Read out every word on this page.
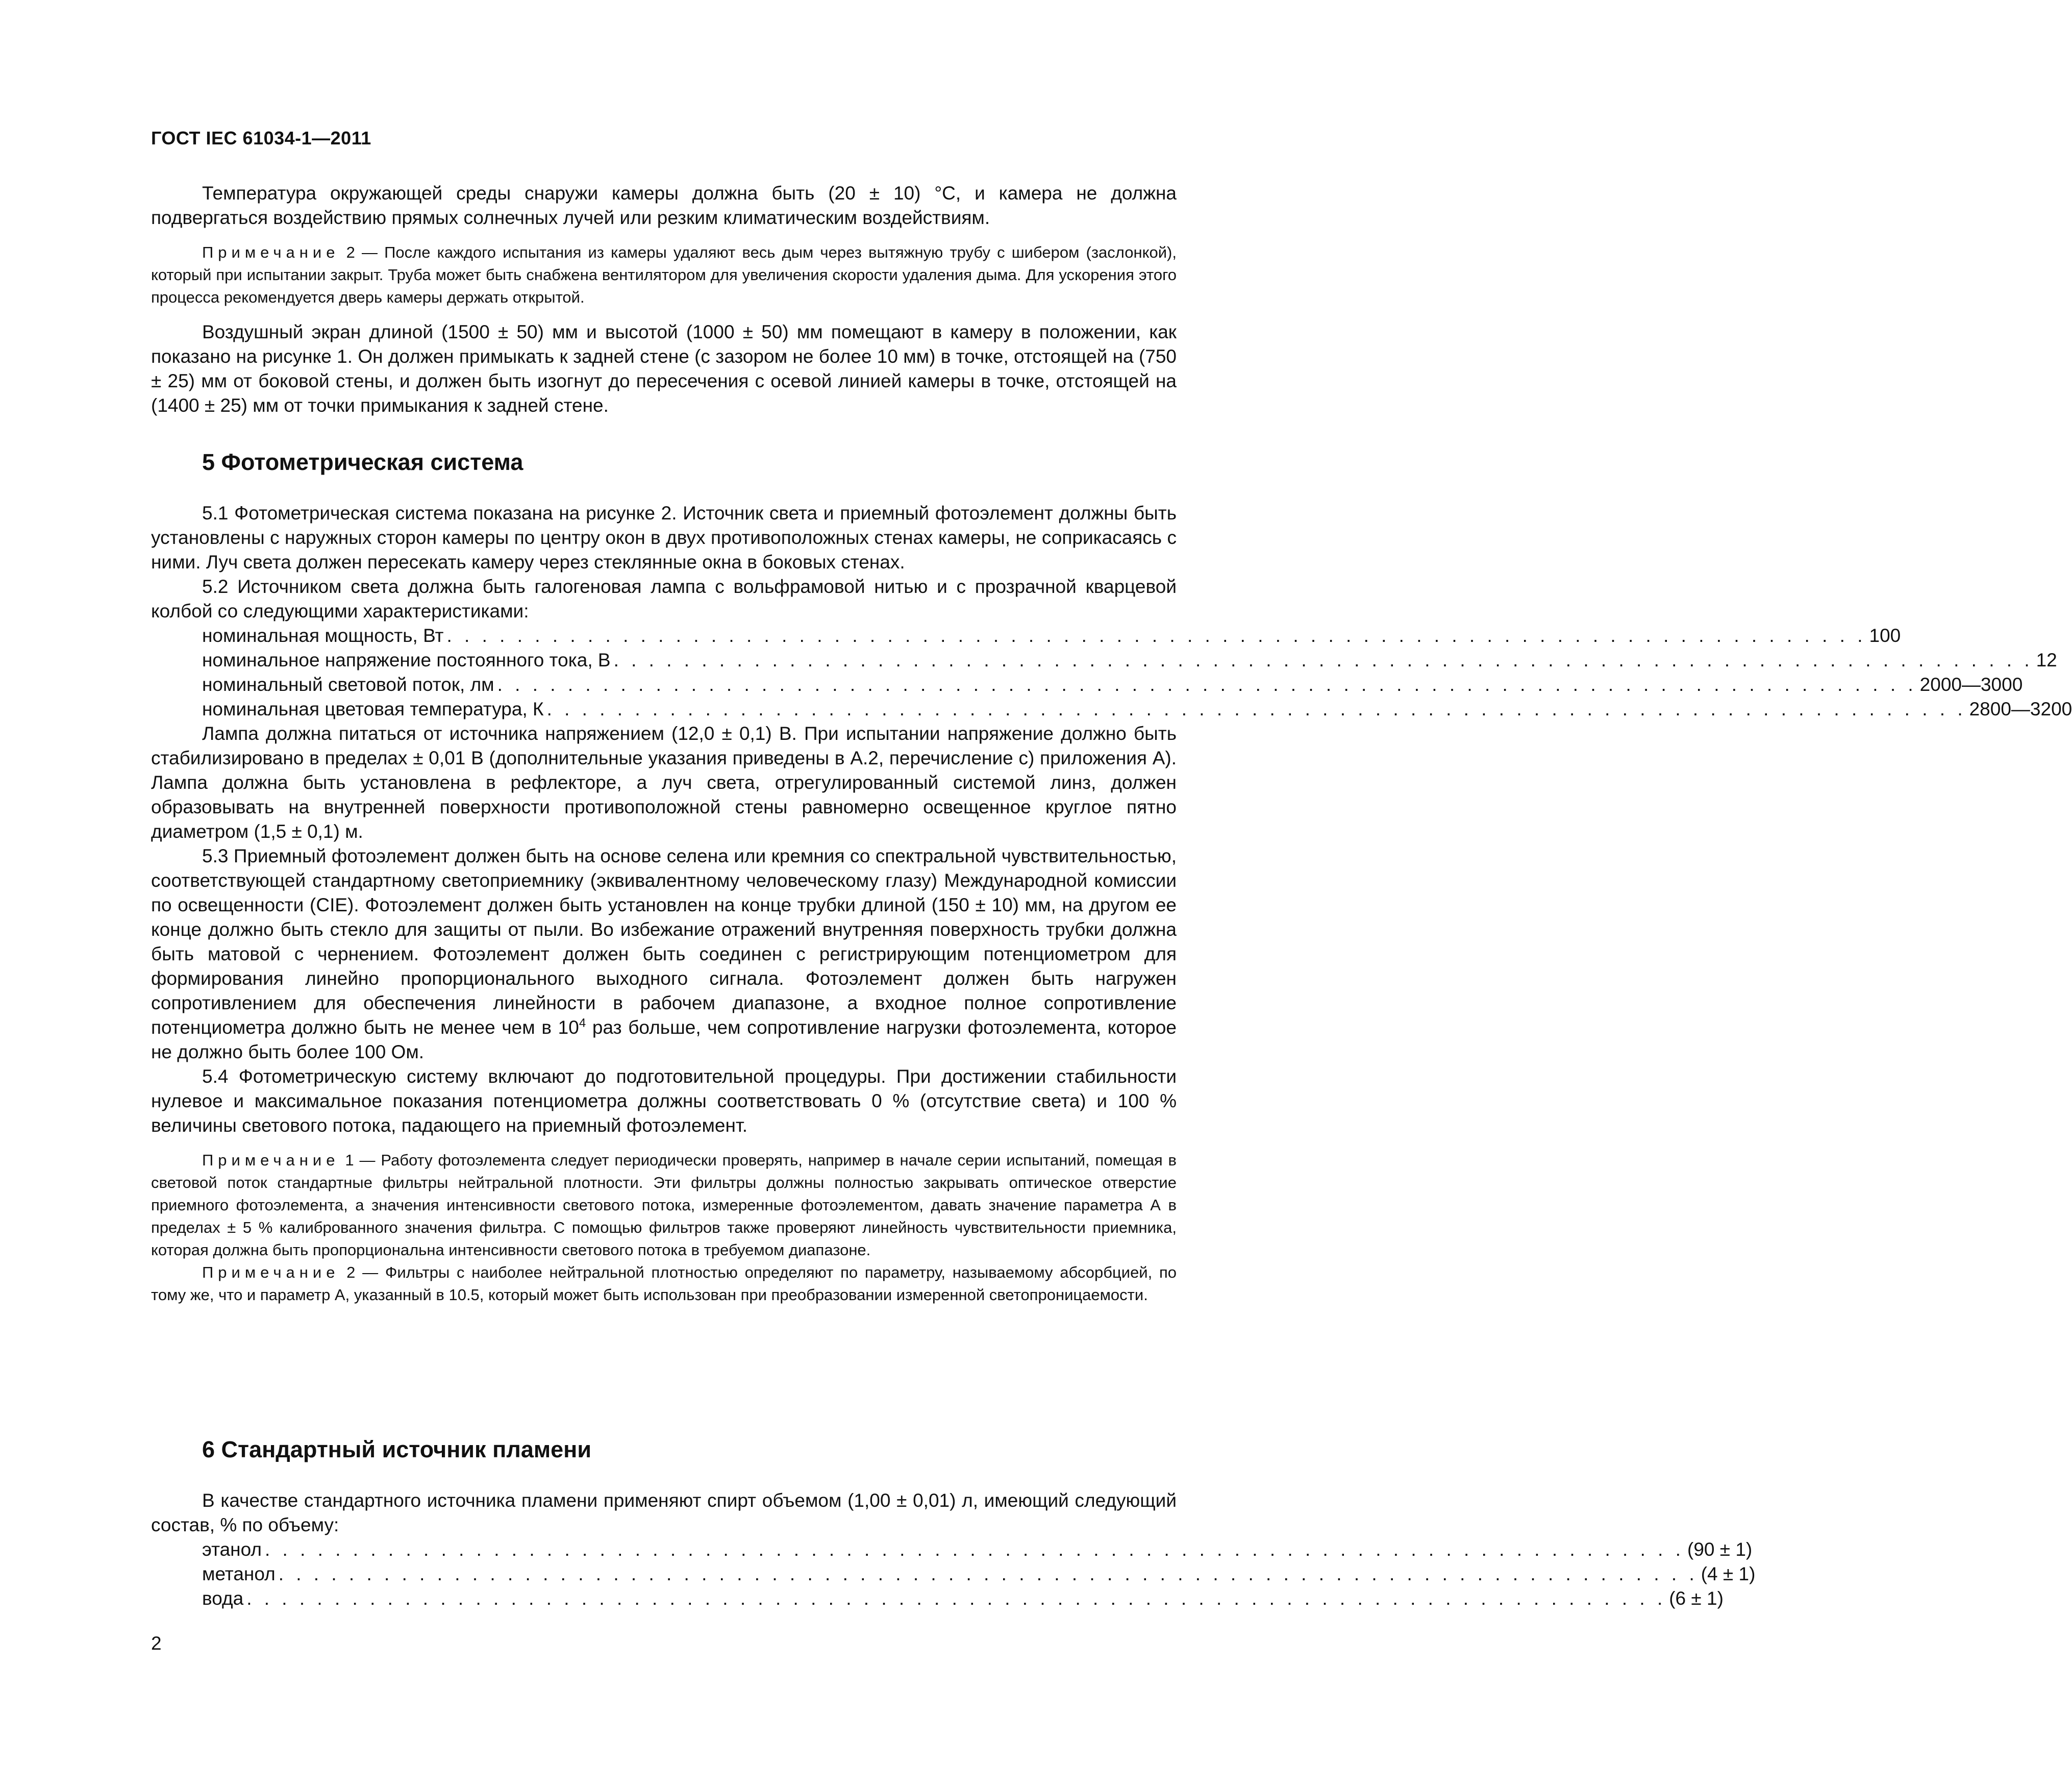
ГОСТ IEC 61034-1—2011

Температура окружающей среды снаружи камеры должна быть (20 ± 10) °С, и камера не должна подвергаться воздействию прямых солнечных лучей или резким климатическим воздействиям.

Примечание 2 — После каждого испытания из камеры удаляют весь дым через вытяжную трубу с шибером (заслонкой), который при испытании закрыт. Труба может быть снабжена вентилятором для увеличения скорости удаления дыма. Для ускорения этого процесса рекомендуется дверь камеры держать открытой.

Воздушный экран длиной (1500 ± 50) мм и высотой (1000 ± 50) мм помещают в камеру в положении, как показано на рисунке 1. Он должен примыкать к задней стене (с зазором не более 10 мм) в точке, отстоящей на (750 ± 25) мм от боковой стены, и должен быть изогнут до пересечения с осевой линией камеры в точке, отстоящей на (1400 ± 25) мм от точки примыкания к задней стене.

5 Фотометрическая система

5.1 Фотометрическая система показана на рисунке 2. Источник света и приемный фотоэлемент должны быть установлены с наружных сторон камеры по центру окон в двух противоположных стенах камеры, не соприкасаясь с ними. Луч света должен пересекать камеру через стеклянные окна в боковых стенах.

5.2 Источником света должна быть галогеновая лампа с вольфрамовой нитью и с прозрачной кварцевой колбой со следующими характеристиками:

номинальная мощность, Вт . . . . . . . . . . . . . . . . . . . . . . . . . . . . . . . . . . . . . . . . . . . . . . . . . . . . . . . . . . . . . . . . . . . . . . . . . . . . . . . . . 100
номинальное напряжение постоянного тока, В . . . . . . . . . . . . . . . . . . . . . . . . . . . . . . . . . . . . . . . . . . . . . . . . . . . . . . . . . . . . . . . . . . . . . . . . . . . . . . . . . 12
номинальный световой поток, лм . . . . . . . . . . . . . . . . . . . . . . . . . . . . . . . . . . . . . . . . . . . . . . . . . . . . . . . . . . . . . . . . . . . . . . . . . . . . . . . . . 2000—3000
номинальная цветовая температура, К . . . . . . . . . . . . . . . . . . . . . . . . . . . . . . . . . . . . . . . . . . . . . . . . . . . . . . . . . . . . . . . . . . . . . . . . . . . . . . . . . 2800—3200

Лампа должна питаться от источника напряжением (12,0 ± 0,1) В. При испытании напряжение должно быть стабилизировано в пределах ± 0,01 В (дополнительные указания приведены в А.2, перечисление с) приложения А). Лампа должна быть установлена в рефлекторе, а луч света, отрегулированный системой линз, должен образовывать на внутренней поверхности противоположной стены равномерно освещенное круглое пятно диаметром (1,5 ± 0,1) м.

5.3 Приемный фотоэлемент должен быть на основе селена или кремния со спектральной чувствительностью, соответствующей стандартному светоприемнику (эквивалентному человеческому глазу) Международной комиссии по освещенности (CIE). Фотоэлемент должен быть установлен на конце трубки длиной (150 ± 10) мм, на другом ее конце должно быть стекло для защиты от пыли. Во избежание отражений внутренняя поверхность трубки должна быть матовой с чернением. Фотоэлемент должен быть соединен с регистрирующим потенциометром для формирования линейно пропорционального выходного сигнала. Фотоэлемент должен быть нагружен сопротивлением для обеспечения линейности в рабочем диапазоне, а входное полное сопротивление потенциометра должно быть не менее чем в $10^4$ раз больше, чем сопротивление нагрузки фотоэлемента, которое не должно быть более 100 Ом.

5.4 Фотометрическую систему включают до подготовительной процедуры. При достижении стабильности нулевое и максимальное показания потенциометра должны соответствовать 0 % (отсутствие света) и 100 % величины светового потока, падающего на приемный фотоэлемент.

Примечание 1 — Работу фотоэлемента следует периодически проверять, например в начале серии испытаний, помещая в световой поток стандартные фильтры нейтральной плотности. Эти фильтры должны полностью закрывать оптическое отверстие приемного фотоэлемента, а значения интенсивности светового потока, измеренные фотоэлементом, давать значение параметра А в пределах ± 5 % калиброванного значения фильтра. С помощью фильтров также проверяют линейность чувствительности приемника, которая должна быть пропорциональна интенсивности светового потока в требуемом диапазоне.

Примечание 2 — Фильтры с наиболее нейтральной плотностью определяют по параметру, называемому абсорбцией, по тому же, что и параметр А, указанный в 10.5, который может быть использован при преобразовании измеренной светопроницаемости.

6 Стандартный источник пламени

В качестве стандартного источника пламени применяют спирт объемом (1,00 ± 0,01) л, имеющий следующий состав, % по объему:

этанол . . . . . . . . . . . . . . . . . . . . . . . . . . . . . . . . . . . . . . . . . . . . . . . . . . . . . . . . . . . . . . . . . . . . . . . . . . . . . . . . . (90 ± 1)
метанол . . . . . . . . . . . . . . . . . . . . . . . . . . . . . . . . . . . . . . . . . . . . . . . . . . . . . . . . . . . . . . . . . . . . . . . . . . . . . . . . . (4 ± 1)
вода . . . . . . . . . . . . . . . . . . . . . . . . . . . . . . . . . . . . . . . . . . . . . . . . . . . . . . . . . . . . . . . . . . . . . . . . . . . . . . . . . (6 ± 1)
2
